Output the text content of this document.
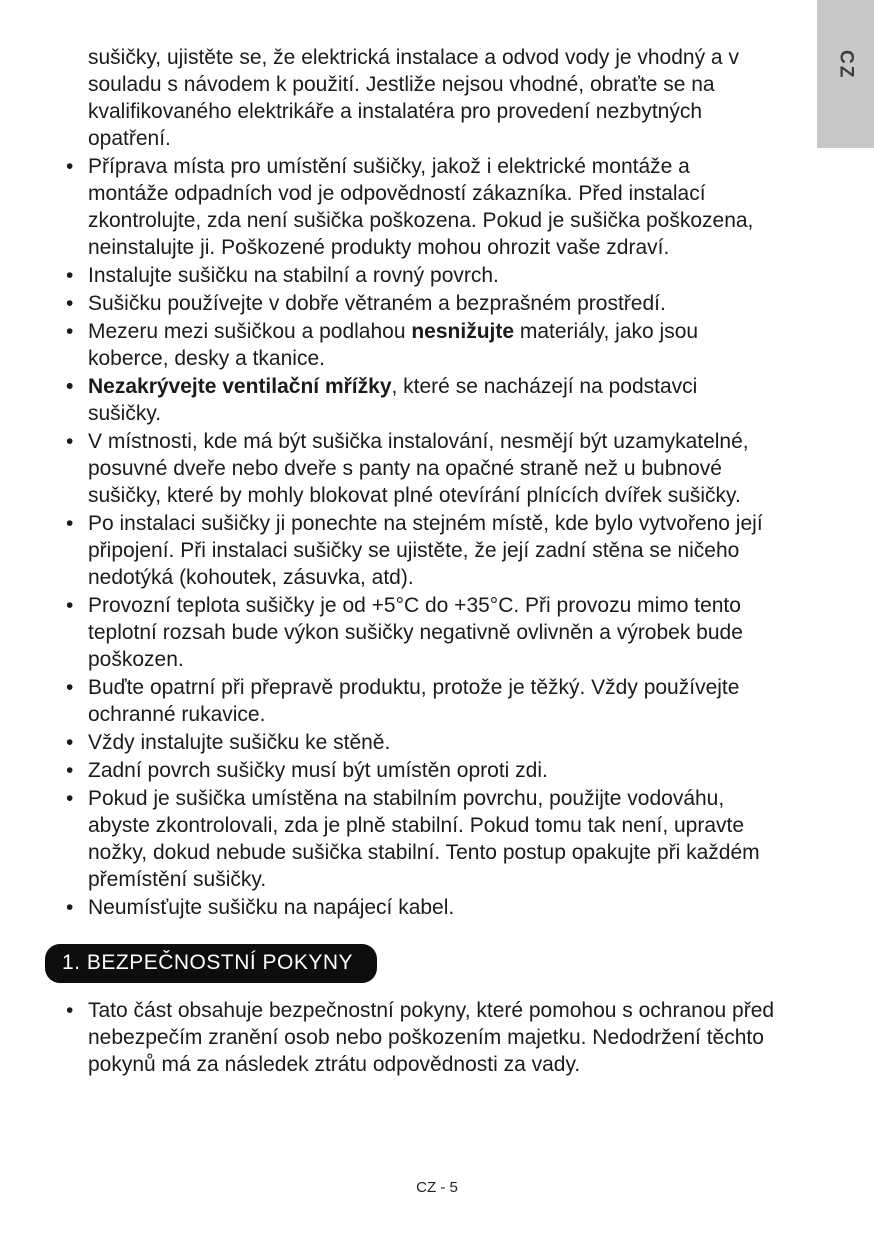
CZ

sušičky, ujistěte se, že elektrická instalace a odvod vody je vhodný a v souladu s návodem k použití. Jestliže nejsou vhodné, obraťte se na kvalifikovaného elektrikáře a instalatéra pro provedení nezbytných opatření.

• Příprava místa pro umístění sušičky, jakož i elektrické montáže a montáže odpadních vod je odpovědností zákazníka. Před instalací zkontrolujte, zda není sušička poškozena. Pokud je sušička poškozena, neinstalujte ji. Poškozené produkty mohou ohrozit vaše zdraví.
• Instalujte sušičku na stabilní a rovný povrch.
• Sušičku používejte v dobře větraném a bezprašném prostředí.
• Mezeru mezi sušičkou a podlahou nesnižujte materiály, jako jsou koberce, desky a tkanice.
• Nezakrývejte ventilační mřížky, které se nacházejí na podstavci sušičky.
• V místnosti, kde má být sušička instalování, nesmějí být uzamykatelné, posuvné dveře nebo dveře s panty na opačné straně než u bubnové sušičky, které by mohly blokovat plné otevírání plnících dvířek sušičky.
• Po instalaci sušičky ji ponechte na stejném místě, kde bylo vytvořeno její připojení. Při instalaci sušičky se ujistěte, že její zadní stěna se ničeho nedotýká (kohoutek, zásuvka, atd).
• Provozní teplota sušičky je od +5°C do +35°C. Při provozu mimo tento teplotní rozsah bude výkon sušičky negativně ovlivněn a výrobek bude poškozen.
• Buďte opatrní při přepravě produktu, protože je těžký. Vždy používejte ochranné rukavice.
• Vždy instalujte sušičku ke stěně.
• Zadní povrch sušičky musí být umístěn oproti zdi.
• Pokud je sušička umístěna na stabilním povrchu, použijte vodováhu, abyste zkontrolovali, zda je plně stabilní. Pokud tomu tak není, upravte nožky, dokud nebude sušička stabilní. Tento postup opakujte při každém přemístění sušičky.
• Neumísťujte sušičku na napájecí kabel.
1. BEZPEČNOSTNÍ POKYNY
• Tato část obsahuje bezpečnostní pokyny, které pomohou s ochranou před nebezpečím zranění osob nebo poškozením majetku. Nedodržení těchto pokynů má za následek ztrátu odpovědnosti za vady.
CZ - 5
